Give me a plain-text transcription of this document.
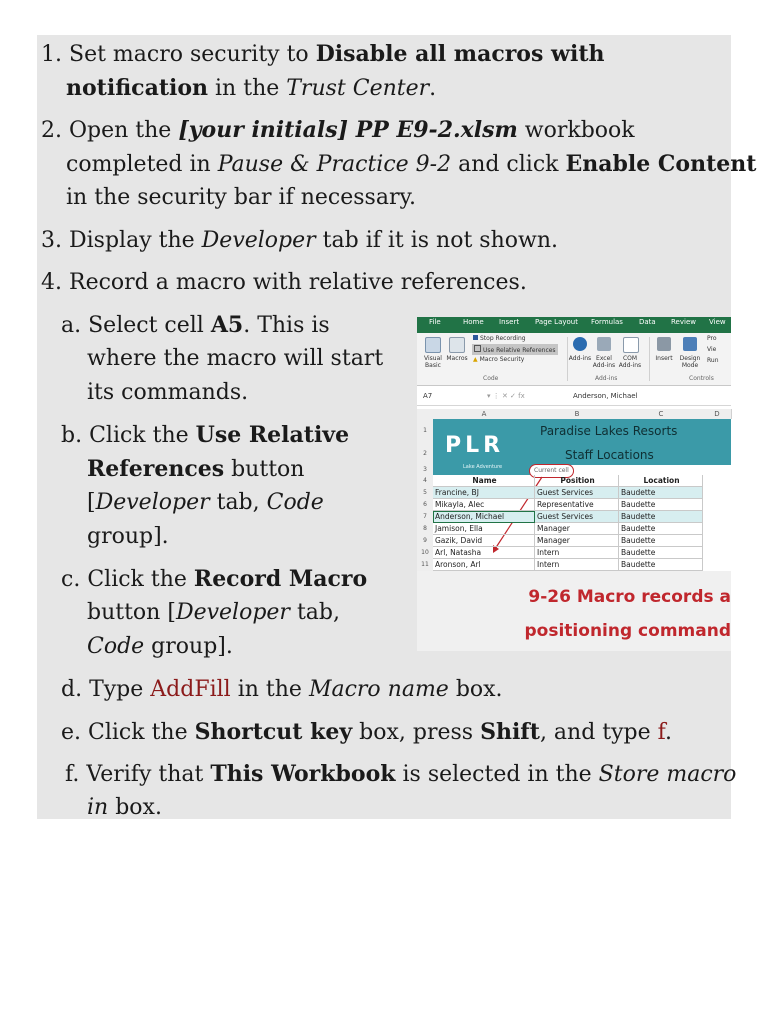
1. Set macro security to Disable all macros with
notification in the Trust Center.
2. Open the [your initials] PP E9-2.xlsm workbook
completed in Pause & Practice 9-2 and click Enable Content
in the security bar if necessary.
3. Display the Developer tab if it is not shown.
4. Record a macro with relative references.
a. Select cell A5. This is
where the macro will start
its commands.
b. Click the Use Relative
References button
[Developer tab, Code
group].
c. Click the Record Macro
button [Developer tab,
Code group].
d. Type AddFill in the Macro name box.
e. Click the Shortcut key box, press Shift, and type f.
f. Verify that This Workbook is selected in the Store macro
in box.
File	Home Insert Page Layout Formulas Data Review View
Visual Basic
Macros
Stop Recording
Use Relative References
▲ Macro Security
Code
Add-ins Excel Add-ins
COM Add-ins
Add-ins
Insert	Design Mode
Pro
Vie
Run
Controls
A7	▾ ⋮ ✕ ✓ fx	Anderson, Michael
A	B	C	D
1
2
3
PLR
Lake Adventure
Paradise Lakes Resorts
Staff Locations
Current cell
4	Name	Position	Location
5	Francine, BJ	Guest Services	Baudette
6	Mikayla, Alec	Representative	Baudette
7	Anderson, Michael	Guest Services	Baudette
8	Jamison, Ella	Manager	Baudette
9	Gazik, David	Manager	Baudette
10 Arl, Natasha	Intern	Baudette
11 Aronson, Arl	Intern	Baudette
9-26 Macro records a
positioning command
